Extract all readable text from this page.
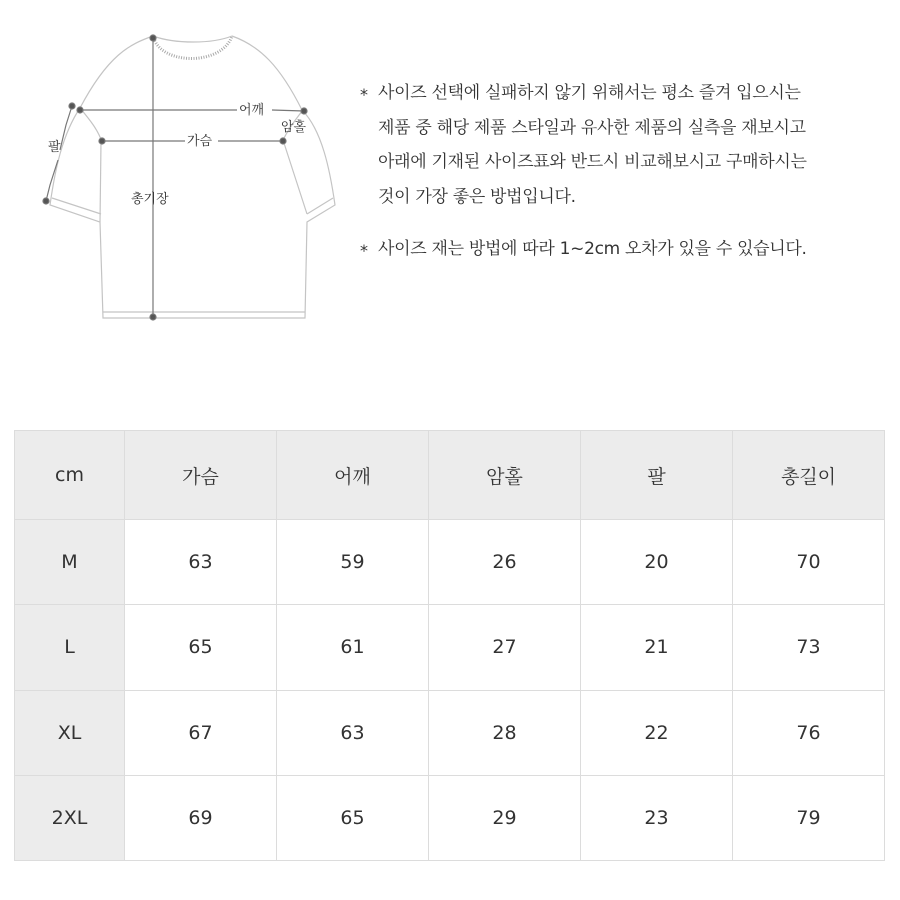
어깨
암홀
팔	가슴
총기장
* 사이즈 선택에 실패하지 않기 위해서는 평소 즐겨 입으시는
제품 중 해당 제품 스타일과 유사한 제품의 실측을 재보시고
아래에 기재된 사이즈표와 반드시 비교해보시고 구매하시는
것이 가장 좋은 방법입니다.
* 사이즈 재는 방법에 따라 1~2cm 오차가 있을 수 있습니다.
cm	가슴	어깨	암홀	팔	총길이
M	63	59	26	20	70
L	65	61	27	21	73
XL	67	63	28	22	76
2XL	69	65	29	23	79
